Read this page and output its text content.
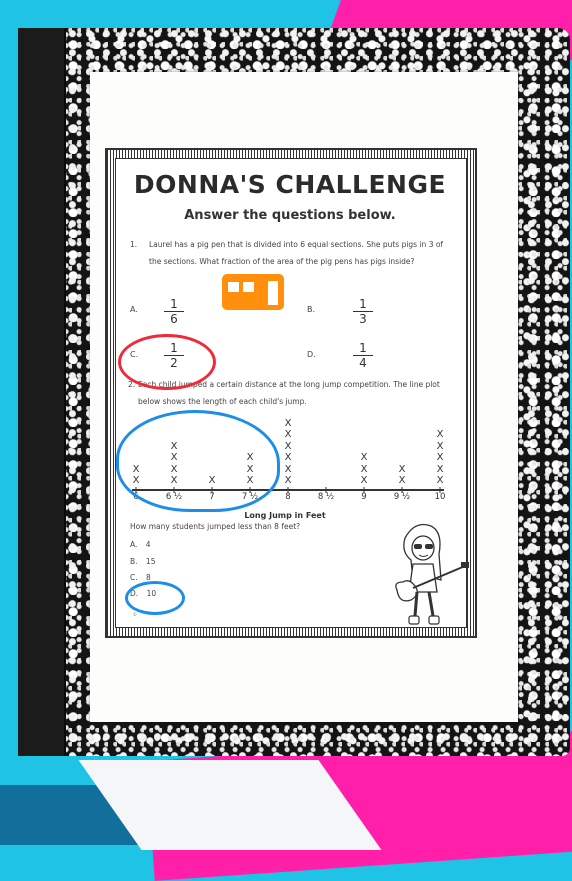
DONNA'S CHALLENGE
Answer the questions below.
1. Laurel has a pig pen that is divided into 6 equal sections. She puts pigs in 3 of the sections. What fraction of the area of the pig pens has pigs inside?
A.	1
6
B.	1
3
C.	1
2
D.	1
4
2. Each child jumped a certain distance at the long jump competition. The line plot below shows the length of each child's jump.
6
X
X
6 ½
X
X
X
X
7
X
7 ½
X
X
X
8
X
X
X
X
X
X
8 ½	9
X
X
X
9 ½
X
X
10
X
X
X
X
X
Long Jump in Feet
How many students jumped less than 8 feet?
A. 4
B. 15
C. 8
D. 10
©
